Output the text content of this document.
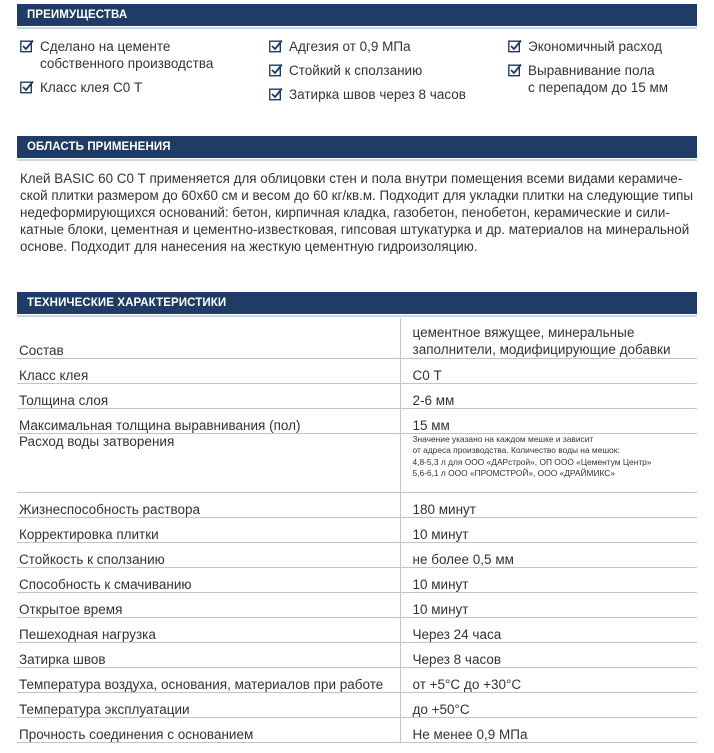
ПРЕИМУЩЕСТВА
Сделано на цементе
собственного производства
Класс клея С0 Т
Адгезия от 0,9 МПа
Стойкий к сползанию
Затирка швов через 8 часов
Экономичный расход
Выравнивание пола
с перепадом до 15 мм
ОБЛАСТЬ ПРИМЕНЕНИЯ
Клей BASIC 60 С0 Т применяется для облицовки стен и пола внутри помещения всеми видами керамиче-
ской плитки размером до 60х60 см и весом до 60 кг/кв.м. Подходит для укладки плитки на следующие типы
недеформирующихся оснований: бетон, кирпичная кладка, газобетон, пенобетон, керамические и сили-
катные блоки, цементная и цементно-известковая, гипсовая штукатурка и др. материалов на минеральной
основе. Подходит для нанесения на жесткую цементную гидроизоляцию.
ТЕХНИЧЕСКИЕ ХАРАКТЕРИСТИКИ
Состав	цементное вяжущее, минеральные
заполнители, модифицирующие добавки

Класс клея	С0 Т
Толщина слоя	2-6 мм
Максимальная толщина выравнивания (пол)	15 мм
Расход воды затворения	Значение указано на каждом мешке и зависит
от адреса производства. Количество воды на мешок:
4,8-5,3 л для ООО «ДАРстрой», ОП ООО «Цементум Центр»
5,6-6,1 л ООО «ПРОМСТРОЙ», ООО «ДРАЙМИКС»

Жизнеспособность раствора	180 минут
Корректировка плитки	10 минут
Стойкость к сползанию	не более 0,5 мм
Способность к смачиванию	10 минут
Открытое время	10 минут
Пешеходная нагрузка	Через 24 часа
Затирка швов	Через 8 часов
Температура воздуха, основания, материалов при работе	от +5°С до +30°С
Температура эксплуатации	до +50°С
Прочность соединения с основанием	Не менее 0,9 МПа
